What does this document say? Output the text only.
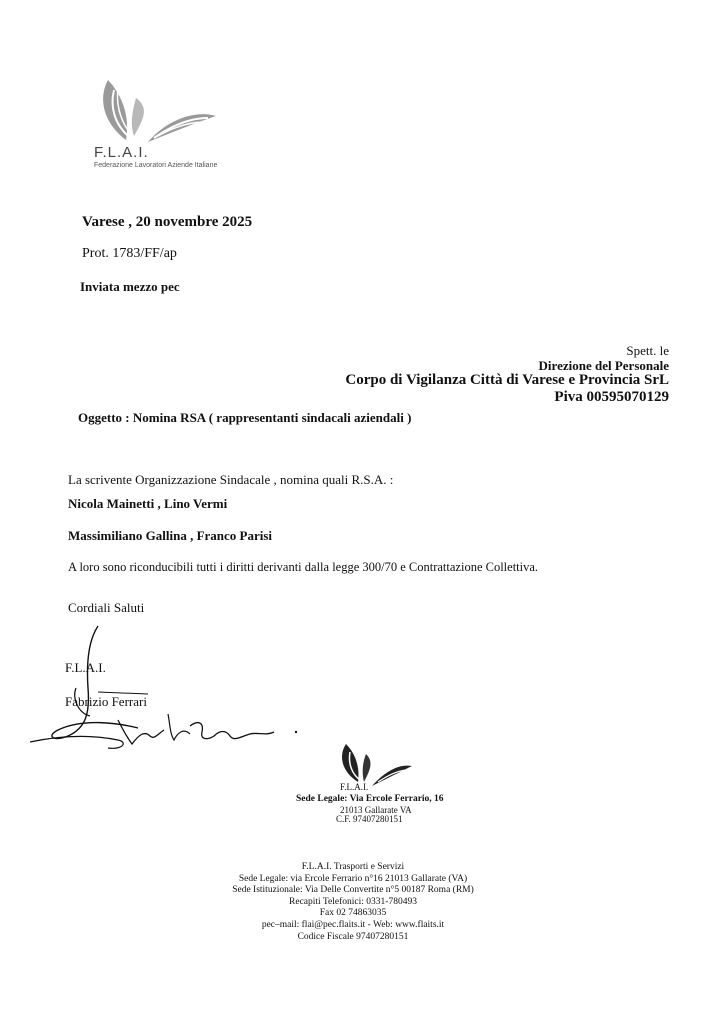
F.L.A.I.
Federazione Lavoratori Aziende Italiane
Varese , 20 novembre 2025
Prot. 1783/FF/ap
Inviata mezzo pec
Spett. le
Direzione del Personale
Corpo di Vigilanza Città di Varese e Provincia SrL
Piva 00595070129
Oggetto : Nomina RSA ( rappresentanti sindacali aziendali )
La scrivente Organizzazione Sindacale , nomina quali R.S.A. :
Nicola Mainetti , Lino Vermi
Massimiliano Gallina , Franco Parisi
A loro sono riconducibili tutti i diritti derivanti dalla legge 300/70 e Contrattazione Collettiva.
Cordiali Saluti
F.L.A.I.
Fabrizio Ferrari
F.L.A.I.
Sede Legale: Via Ercole Ferrario, 16
21013 Gallarate VA
C.F. 97407280151
F.L.A.I. Trasporti e Servizi
Sede Legale: via Ercole Ferrario n°16 21013 Gallarate (VA)
Sede Istituzionale: Via Delle Convertite n°5 00187 Roma (RM)
Recapiti Telefonici: 0331-780493
Fax 02 74863035
pec–mail: flai@pec.flaits.it - Web: www.flaits.it
Codice Fiscale 97407280151
